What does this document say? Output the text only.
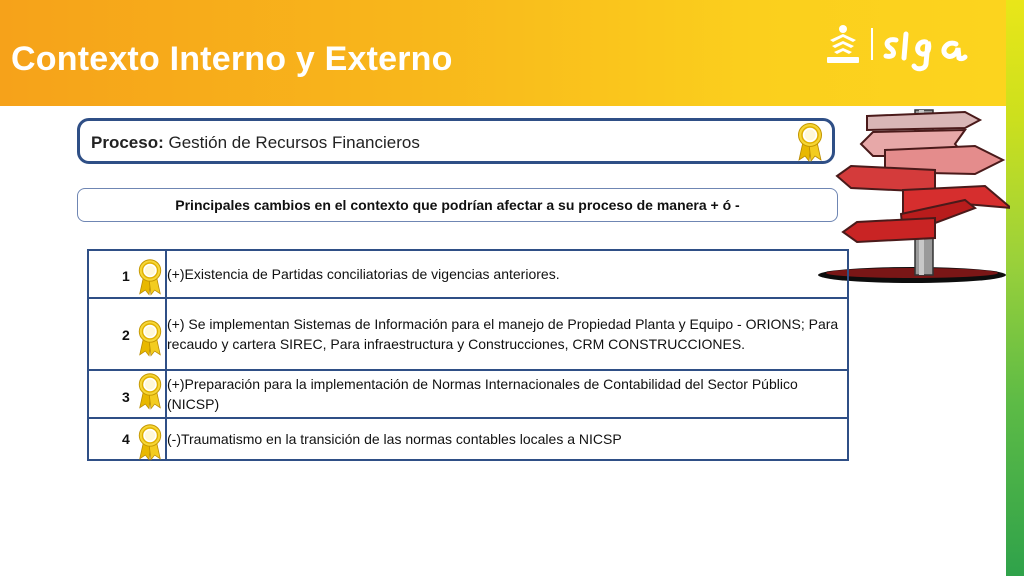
Contexto Interno y Externo
Proceso: Gestión de Recursos Financieros
Principales cambios en el contexto que podrían afectar a su proceso de manera + ó -
1	(+)Existencia de Partidas conciliatorias de vigencias anteriores.

2	(+) Se implementan Sistemas de Información para el manejo de Propiedad Planta y Equipo - ORIONS; Para recaudo y cartera SIREC, Para infraestructura y Construcciones, CRM CONSTRUCCIONES.

3	(+)Preparación para la implementación de Normas Internacionales de Contabilidad del Sector Público (NICSP)

4	(-)Traumatismo en la transición de las normas contables locales a NICSP
